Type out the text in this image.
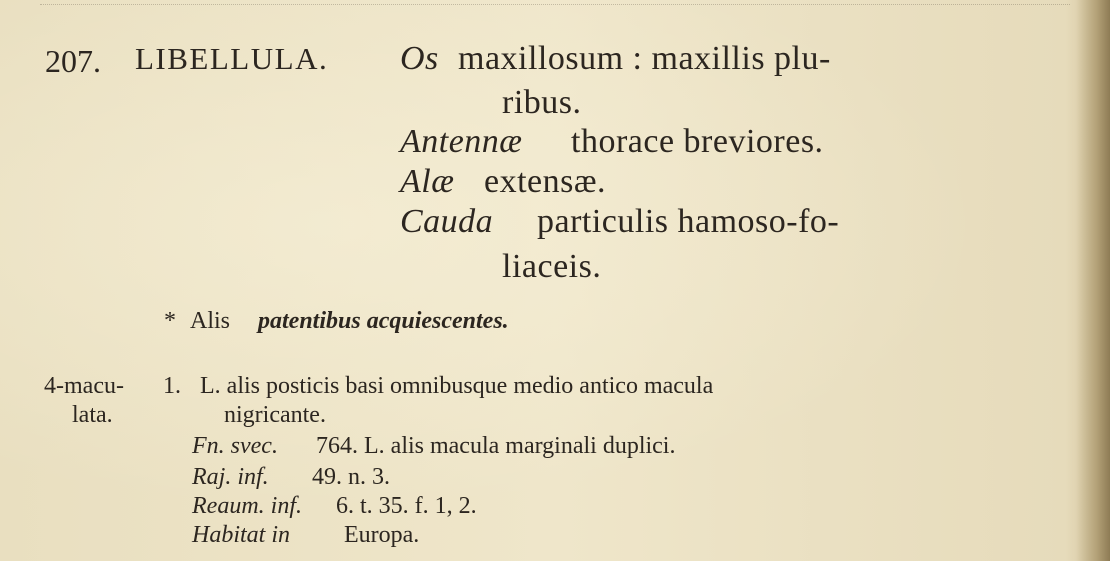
207. LIBELLULA. Os maxillosum : maxillis plu-
ribus.
Antennæ thorace breviores.
Alæ extensæ.
Cauda particulis hamoso-fo-
liaceis.
* Alis patentibus acquiescentes.
4-macu-
lata.
1. L. alis posticis basi omnibusque medio antico macula
nigricante.
Fn. svec. 764. L. alis macula marginali duplici.
Raj. inf. 49. n. 3.
Reaum. inf. 6. t. 35. f. 1, 2.
Habitat in Europa.
